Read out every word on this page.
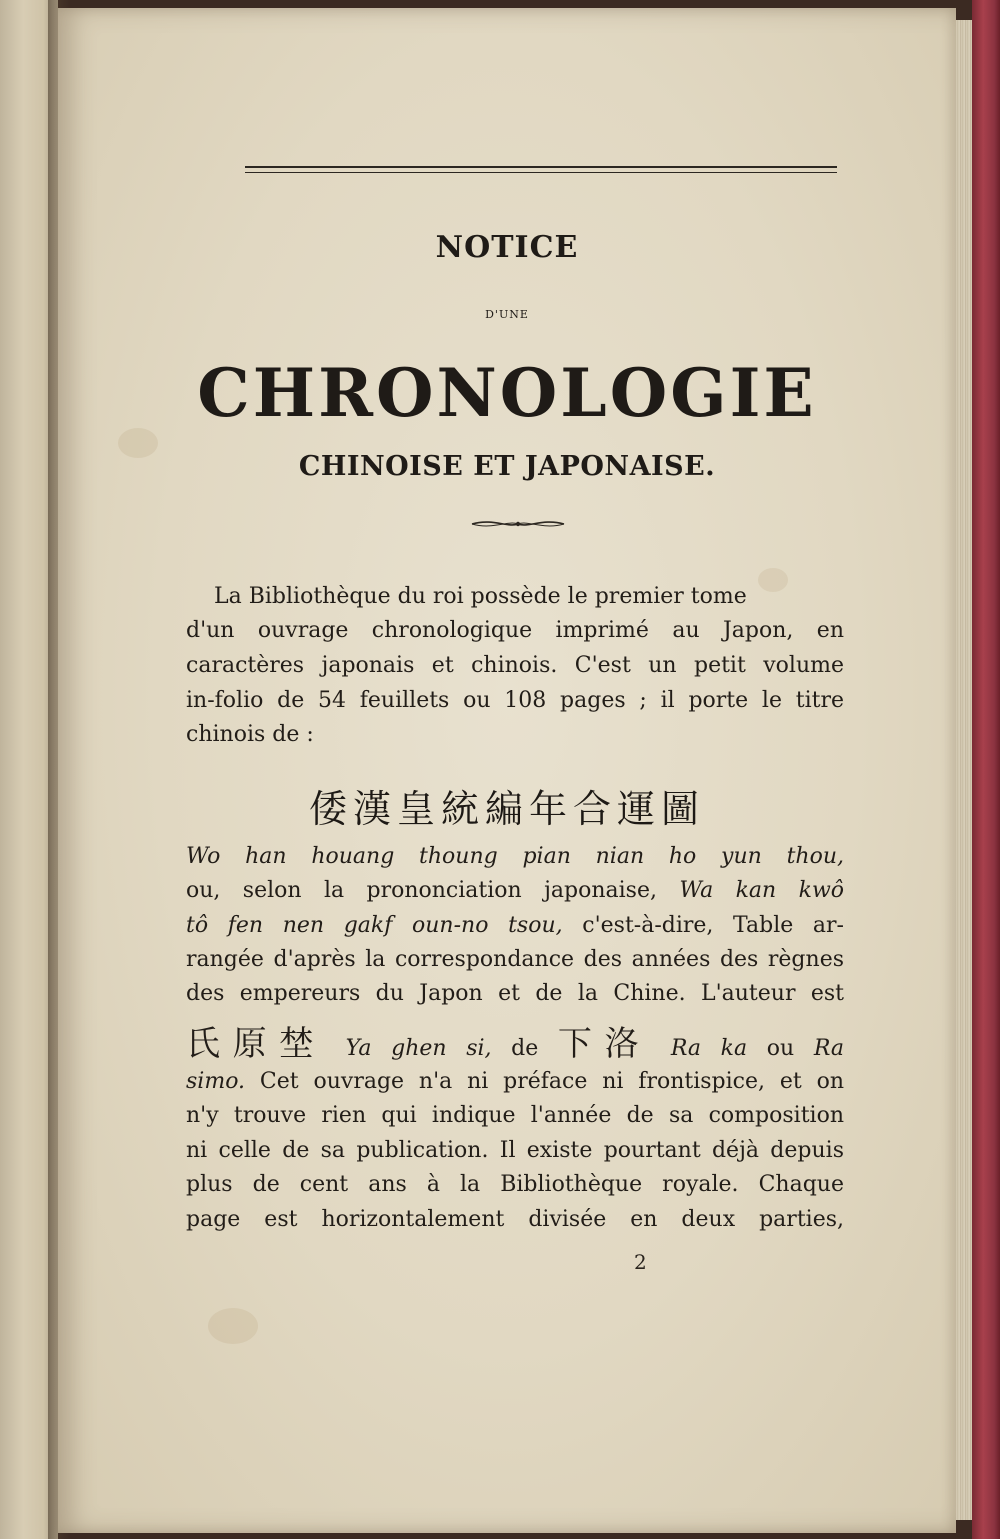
NOTICE
D'UNE
CHRONOLOGIE
CHINOISE ET JAPONAISE.
La Bibliothèque du roi possède le premier tome
d'un ouvrage chronologique imprimé au Japon, en
caractères japonais et chinois. C'est un petit volume
in-folio de 54 feuillets ou 108 pages ; il porte le titre
chinois de :
倭漢皇統編年合運圖
Wo han houang thoung pian nian ho yun thou,
ou, selon la prononciation japonaise, Wa kan kwô
tô fen nen gakf oun-no tsou, c'est-à-dire, Table ar-
rangée d'après la correspondance des années des règnes
des empereurs du Japon et de la Chine. L'auteur est
氏原埜 Ya ghen si, de 下洛 Ra ka ou Ra
simo. Cet ouvrage n'a ni préface ni frontispice, et on
n'y trouve rien qui indique l'année de sa composition
ni celle de sa publication. Il existe pourtant déjà depuis
plus de cent ans à la Bibliothèque royale. Chaque
page est horizontalement divisée en deux parties,
2
